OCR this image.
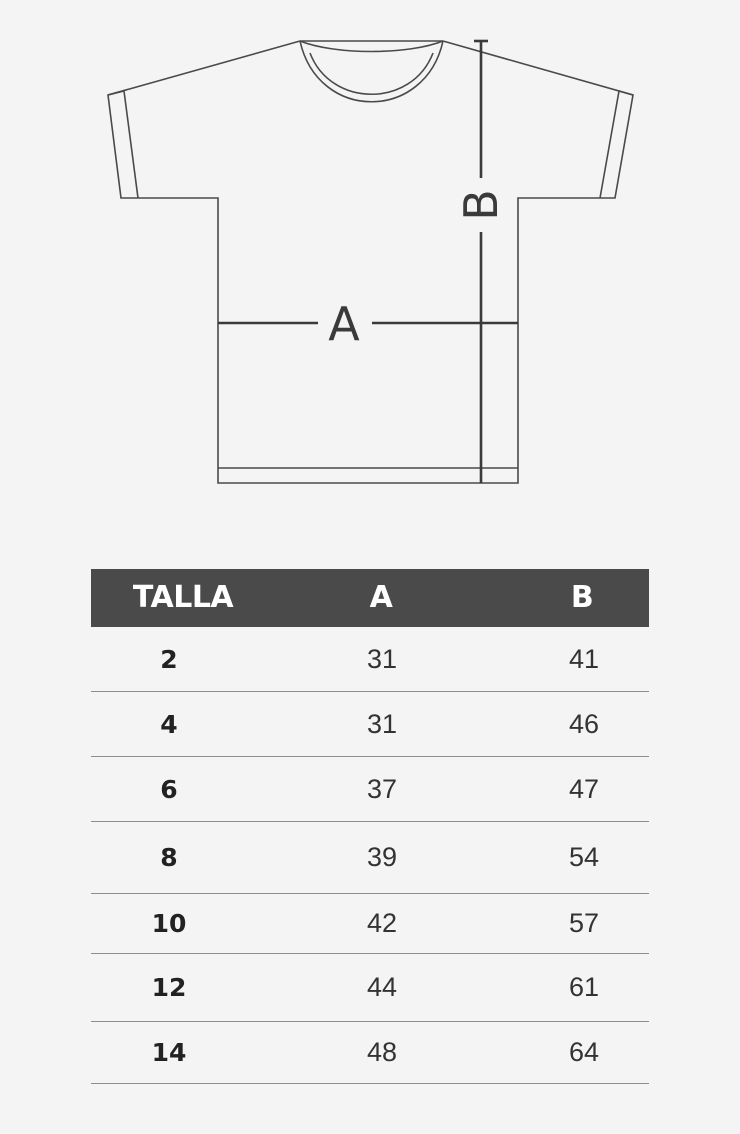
A
B
TALLA	A	B
2	31	41
4	31	46
6	37	47
8	39	54
10	42	57
12	44	61
14	48	64
